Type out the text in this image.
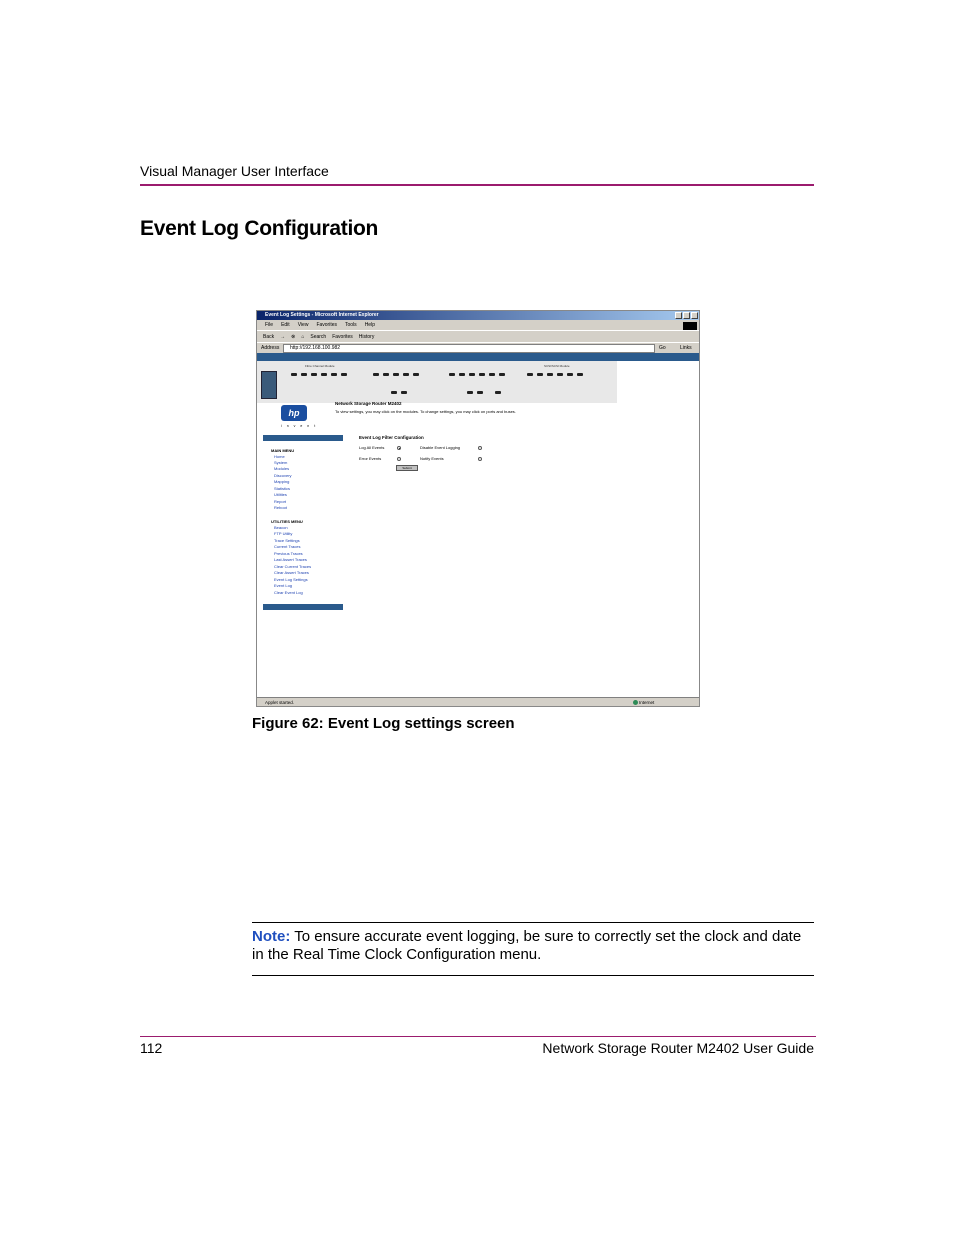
Visual Manager User Interface
Event Log Configuration
Event Log Settings - Microsoft Internet Explorer
File Edit View Favorites Tools Help
Back → ⊗ ⌂ Search Favorites History
Address	http://192.168.100.982	Go	Links
Fibre Channel Module	SCSI/SCSI Module
hp
i n v e n t
Network Storage Router M2402
To view settings, you may click on the modules. To change settings, you may click on ports and buses.
MAIN MENU
Home
System
Modules
Discovery
Mapping
Statistics
Utilities
Report
Reboot
UTILITIES MENU
Beacon
FTP Utility
Trace Settings
Current Traces
Previous Traces
Last Assert Traces
Clear Current Traces
Clear Assert Traces
Event Log Settings
Event Log
Clear Event Log
Event Log Filter Configuration
Log All Events	Disable Event Logging
Error Events	Notify Events
Submit
Applet started.	Internet
Figure 62: Event Log settings screen
Note: To ensure accurate event logging, be sure to correctly set the clock and date in the Real Time Clock Configuration menu.
112	Network Storage Router M2402 User Guide
